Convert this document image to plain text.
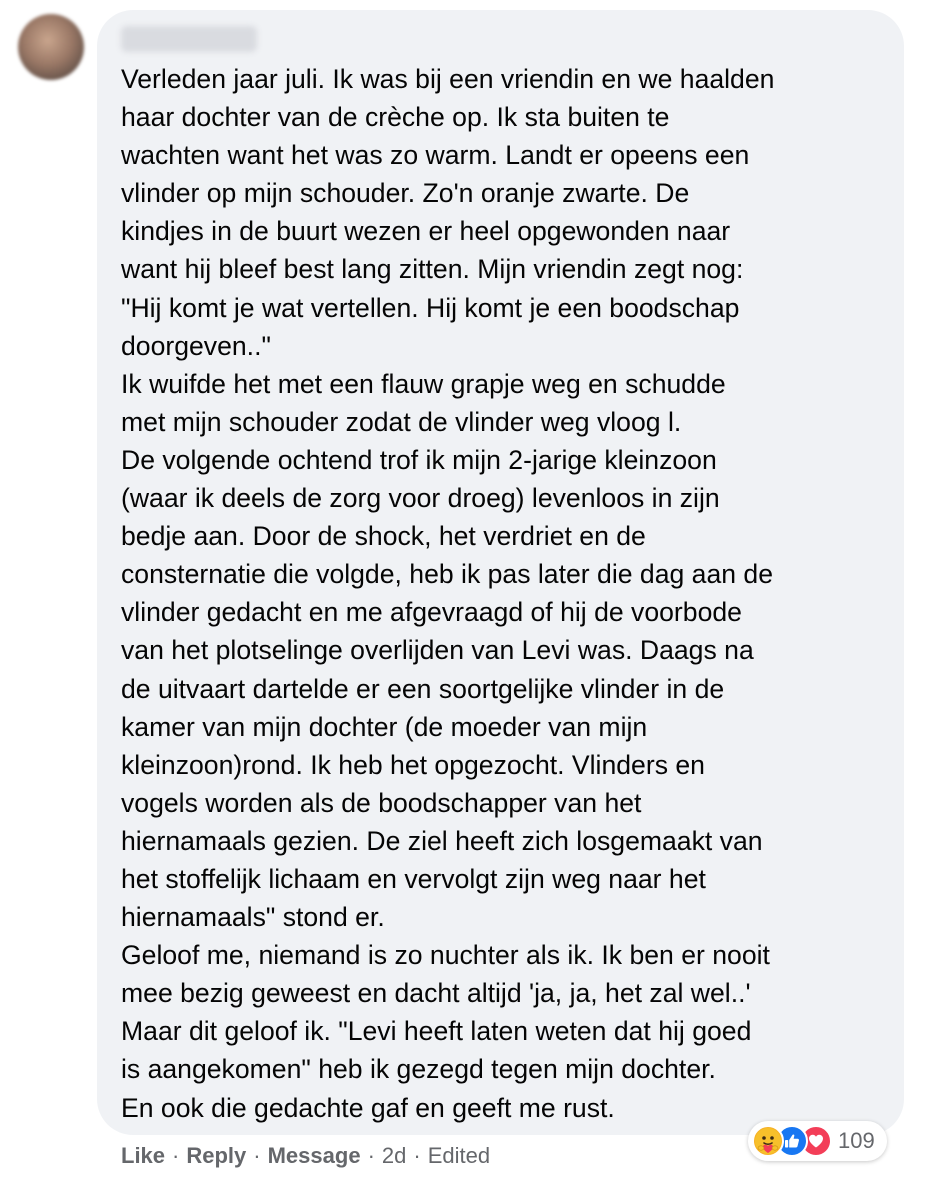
Verleden jaar juli. Ik was bij een vriendin en we haalden
haar dochter van de crèche op. Ik sta buiten te
wachten want het was zo warm. Landt er opeens een
vlinder op mijn schouder. Zo'n oranje zwarte. De
kindjes in de buurt wezen er heel opgewonden naar
want hij bleef best lang zitten. Mijn vriendin zegt nog:
"Hij komt je wat vertellen. Hij komt je een boodschap
doorgeven.."
Ik wuifde het met een flauw grapje weg en schudde
met mijn schouder zodat de vlinder weg vloog l.
De volgende ochtend trof ik mijn 2-jarige kleinzoon
(waar ik deels de zorg voor droeg) levenloos in zijn
bedje aan. Door de shock, het verdriet en de
consternatie die volgde, heb ik pas later die dag aan de
vlinder gedacht en me afgevraagd of hij de voorbode
van het plotselinge overlijden van Levi was. Daags na
de uitvaart dartelde er een soortgelijke vlinder in de
kamer van mijn dochter (de moeder van mijn
kleinzoon)rond. Ik heb het opgezocht. Vlinders en
vogels worden als de boodschapper van het
hiernamaals gezien. De ziel heeft zich losgemaakt van
het stoffelijk lichaam en vervolgt zijn weg naar het
hiernamaals" stond er.
Geloof me, niemand is zo nuchter als ik. Ik ben er nooit
mee bezig geweest en dacht altijd 'ja, ja, het zal wel..'
Maar dit geloof ik. "Levi heeft laten weten dat hij goed
is aangekomen" heb ik gezegd tegen mijn dochter.
En ook die gedachte gaf en geeft me rust.

Like · Reply · Message · 2d · Edited
109
